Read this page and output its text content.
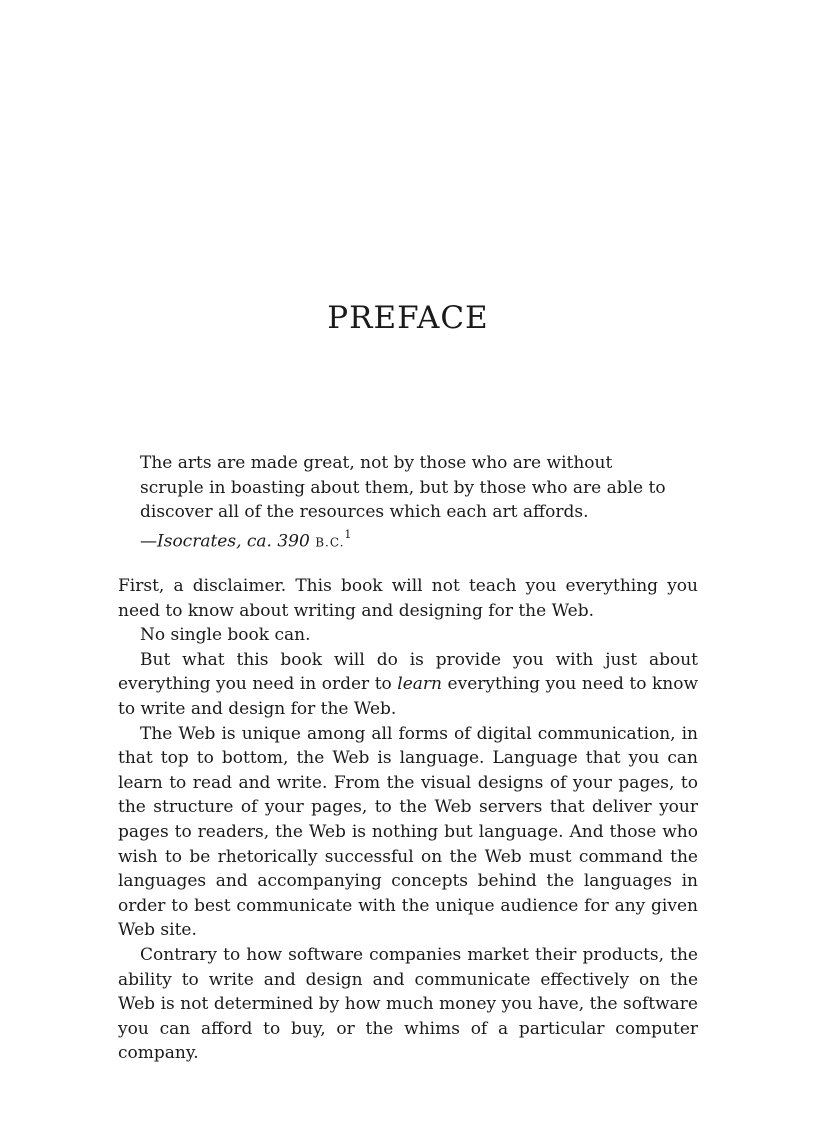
PREFACE

The arts are made great, not by those who are without scruple in boasting about them, but by those who are able to discover all of the resources which each art affords.

—Isocrates, ca. 390 B.C.$^1$

First, a disclaimer. This book will not teach you everything you need to know about writing and designing for the Web.

No single book can.

But what this book will do is provide you with just about everything you need in order to learn everything you need to know to write and design for the Web.

The Web is unique among all forms of digital communication, in that top to bottom, the Web is language. Language that you can learn to read and write. From the visual designs of your pages, to the structure of your pages, to the Web servers that deliver your pages to readers, the Web is nothing but language. And those who wish to be rhetorically successful on the Web must command the languages and accompanying concepts behind the languages in order to best communicate with the unique audience for any given Web site.

Contrary to how software companies market their products, the ability to write and design and communicate effectively on the Web is not determined by how much money you have, the software you can afford to buy, or the whims of a particular computer company.
